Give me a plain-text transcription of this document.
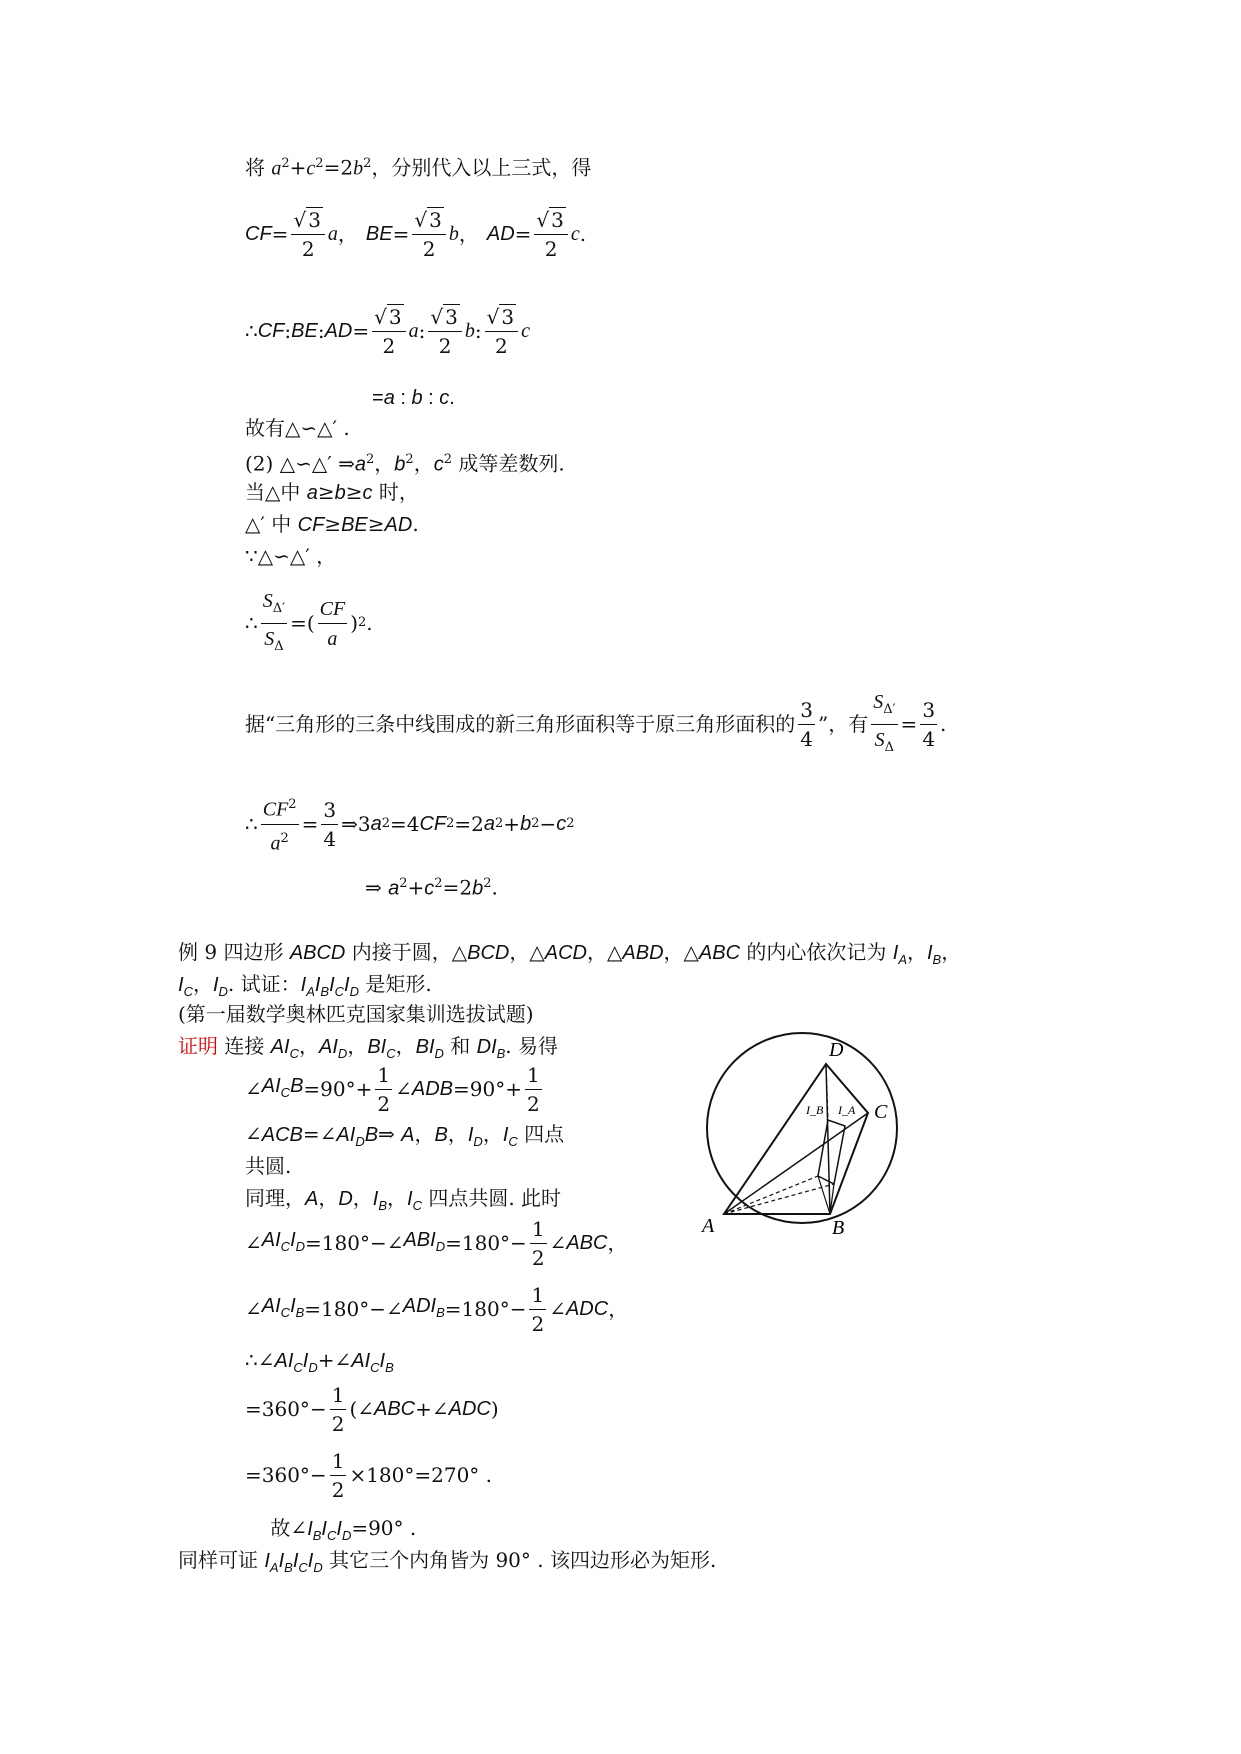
将 $a^2+c^2=2b^2$，分别代入以上三式，得
CF = $\frac{√ 3}{2}$ a ， BE = $\frac{√ 3}{2}$ b ， AD = $\frac{√ 3}{2}$ c .
∴ CF : BE : AD = $\frac{√ 3}{2}$ a : $\frac{√ 3}{2}$ b : $\frac{√ 3}{2}$ c
=a : b : c.
故有△∽△′ .
(2) △∽△′ $\Rightarrow a^2$，$b^2$，$c^2$ 成等差数列.
当△中 a≥b≥c 时，
△′ 中 CF≥BE≥AD.
∵△∽△′ ，
∴ $\frac{S_{\Delta'}}{S_\Delta}$ =( $\frac{CF}{a}$ ) 2 .
据“三角形的三条中线围成的新三角形面积等于原三角形面积的 $\frac{3}{4}$ ”，有 $\frac{S_{\Delta'}}{S_\Delta} = \frac{3}{4}$ .
∴ $\frac{CF^2}{a^2} = \frac{3}{4}$ ⇒3 a 2 =4 CF 2 =2 a 2 + b 2 − c 2
⇒ $a^2+c^2=2b^2$.
例 9 四边形 ABCD 内接于圆，△BCD，△ACD，△ABD，△ABC 的内心依次记为 $I_A$，$I_B$，
$I_C$，$I_D$. 试证：$I_AI_BI_CI_D$ 是矩形.
(第一届数学奥林匹克国家集训选拔试题)
证明 连接 $AI_C$，$AI_D$，$BI_C$，$BI_D$ 和 $DI_B$. 易得
∠ $AI_CB =90^\circ+ \frac{1}{2}$ ∠ ADB $=90^\circ+ \frac{1}{2}$
$\angle ACB=\angle AI_DB\Rightarrow$ A，B，$I_D$，$I_C$ 四点
共圆.
同理，A，D，$I_B$，$I_C$ 四点共圆. 此时
∠ $AI_CI_D$ =180°−∠ $ABI_D =180^\circ- \frac{1}{2}$ ∠ ABC ，
∠ $AI_CI_B$ =180°−∠ $ADI_B =180^\circ- \frac{1}{2}$ ∠ ADC ，
$\therefore\angle AI_CI_D+\angle AI_CI_B$
$=360^\circ- \frac{1}{2}$ (∠ ABC +∠ ADC )
$=360^\circ- \frac{1}{2} \times 180^\circ=270^\circ$ .
故$\angle I_BI_CI_D=90^\circ$ .
同样可证 $I_AI_BI_CI_D$ 其它三个内角皆为 90° . 该四边形必为矩形.
D
C
A	B
I_B I_A
